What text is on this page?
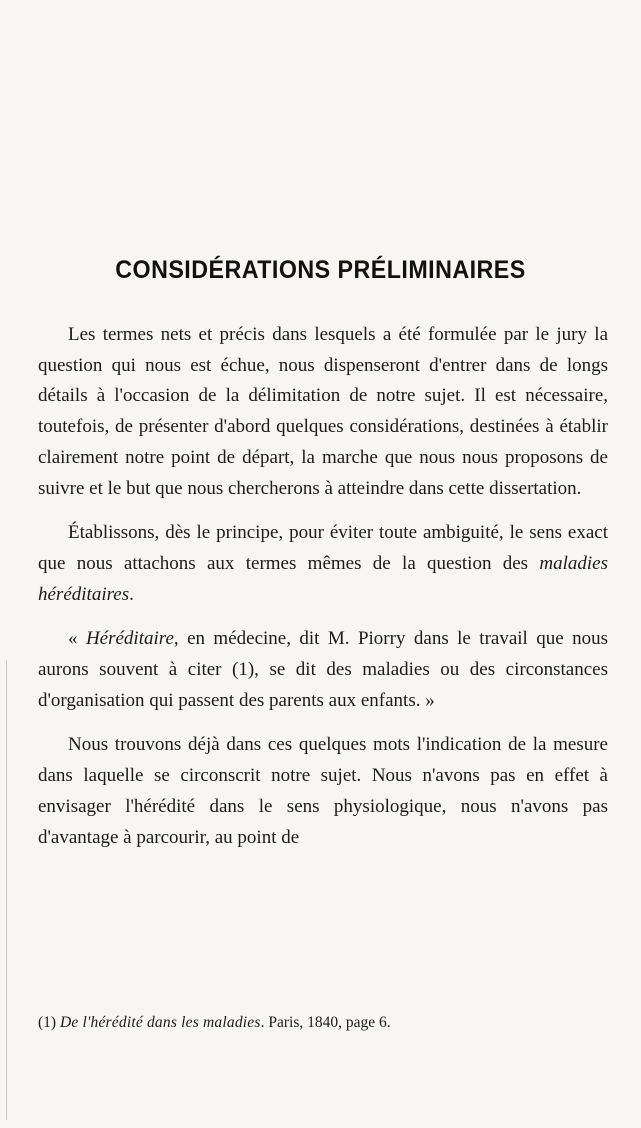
CONSIDÉRATIONS PRÉLIMINAIRES

Les termes nets et précis dans lesquels a été formulée par le jury la question qui nous est échue, nous dispenseront d'entrer dans de longs détails à l'occasion de la délimitation de notre sujet. Il est nécessaire, toutefois, de présenter d'abord quelques considérations, destinées à établir clairement notre point de départ, la marche que nous nous proposons de suivre et le but que nous chercherons à atteindre dans cette dissertation.

Établissons, dès le principe, pour éviter toute ambiguité, le sens exact que nous attachons aux termes mêmes de la question des maladies héréditaires.

« Héréditaire, en médecine, dit M. Piorry dans le travail que nous aurons souvent à citer (1), se dit des maladies ou des circonstances d'organisation qui passent des parents aux enfants. »

Nous trouvons déjà dans ces quelques mots l'indication de la mesure dans laquelle se circonscrit notre sujet. Nous n'avons pas en effet à envisager l'hérédité dans le sens physiologique, nous n'avons pas d'avantage à parcourir, au point de

(1) De l'hérédité dans les maladies. Paris, 1840, page 6.
